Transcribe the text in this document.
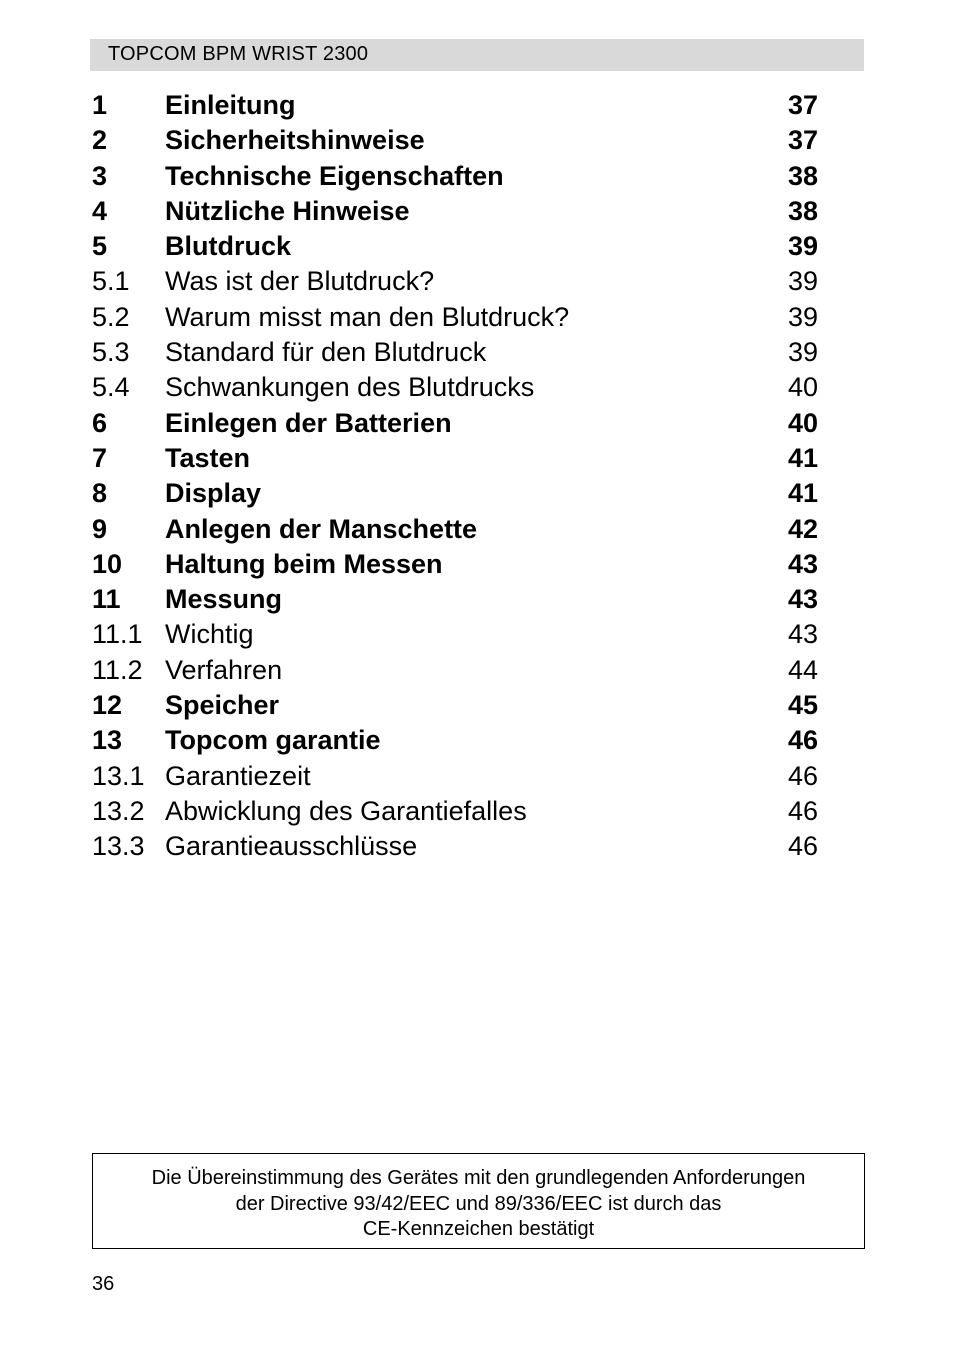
TOPCOM BPM WRIST 2300
1 Einleitung	37
2 Sicherheitshinweise	37
3 Technische Eigenschaften	38
4 Nützliche Hinweise	38
5 Blutdruck	39
5.1 Was ist der Blutdruck?	39
5.2 Warum misst man den Blutdruck?	39
5.3 Standard für den Blutdruck	39
5.4 Schwankungen des Blutdrucks	40
6 Einlegen der Batterien	40
7 Tasten	41
8 Display	41
9 Anlegen der Manschette	42
10 Haltung beim Messen	43
11 Messung	43
11.1 Wichtig	43
11.2 Verfahren	44
12 Speicher	45
13 Topcom garantie	46
13.1 Garantiezeit	46
13.2 Abwicklung des Garantiefalles	46
13.3 Garantieausschlüsse	46
Die Übereinstimmung des Gerätes mit den grundlegenden Anforderungen
der Directive 93/42/EEC und 89/336/EEC ist durch das
CE-Kennzeichen bestätigt
36
